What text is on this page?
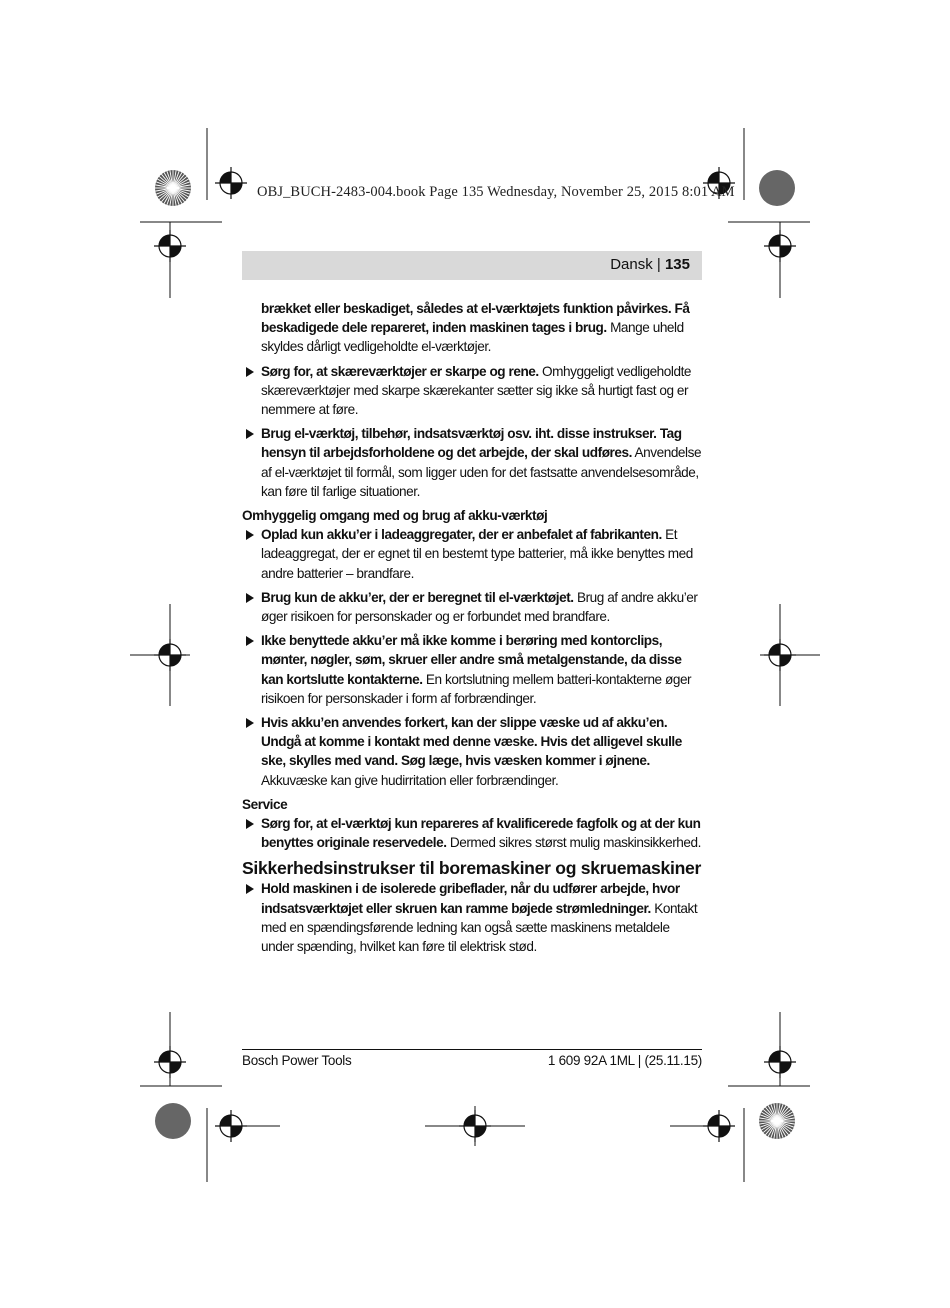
OBJ_BUCH-2483-004.book Page 135 Wednesday, November 25, 2015 8:01 AM
Dansk | 135

brækket eller beskadiget, således at el-værktøjets funktion påvirkes. Få beskadigede dele repareret, inden maskinen tages i brug. Mange uheld skyldes dårligt vedligeholdte el-værktøjer.

Sørg for, at skæreværktøjer er skarpe og rene. Omhyggeligt vedligeholdte skæreværktøjer med skarpe skærekanter sætter sig ikke så hurtigt fast og er nemmere at føre.
Brug el-værktøj, tilbehør, indsatsværktøj osv. iht. disse instrukser. Tag hensyn til arbejdsforholdene og det arbejde, der skal udføres. Anvendelse af el-værktøjet til formål, som ligger uden for det fastsatte anvendelsesområde, kan føre til farlige situationer.

Omhyggelig omgang med og brug af akku-værktøj

Oplad kun akku’er i ladeaggregater, der er anbefalet af fabrikanten. Et ladeaggregat, der er egnet til en bestemt type batterier, må ikke benyttes med andre batterier – brandfare.
Brug kun de akku’er, der er beregnet til el-værktøjet. Brug af andre akku’er øger risikoen for personskader og er forbundet med brandfare.
Ikke benyttede akku’er må ikke komme i berøring med kontorclips, mønter, nøgler, søm, skruer eller andre små metalgenstande, da disse kan kortslutte kontakterne. En kortslutning mellem batteri-kontakterne øger risikoen for personskader i form af forbrændinger.
Hvis akku’en anvendes forkert, kan der slippe væske ud af akku’en. Undgå at komme i kontakt med denne væske. Hvis det alligevel skulle ske, skylles med vand. Søg læge, hvis væsken kommer i øjnene. Akkuvæske kan give hudirritation eller forbrændinger.

Service

Sørg for, at el-værktøj kun repareres af kvalificerede fagfolk og at der kun benyttes originale reservedele. Dermed sikres størst mulig maskinsikkerhed.

Sikkerhedsinstrukser til boremaskiner og skruemaskiner

Hold maskinen i de isolerede gribeflader, når du udfører arbejde, hvor indsatsværktøjet eller skruen kan ramme bøjede strømledninger. Kontakt med en spændingsførende ledning kan også sætte maskinens metaldele under spænding, hvilket kan føre til elektrisk stød.
Bosch Power Tools	1 609 92A 1ML | (25.11.15)
